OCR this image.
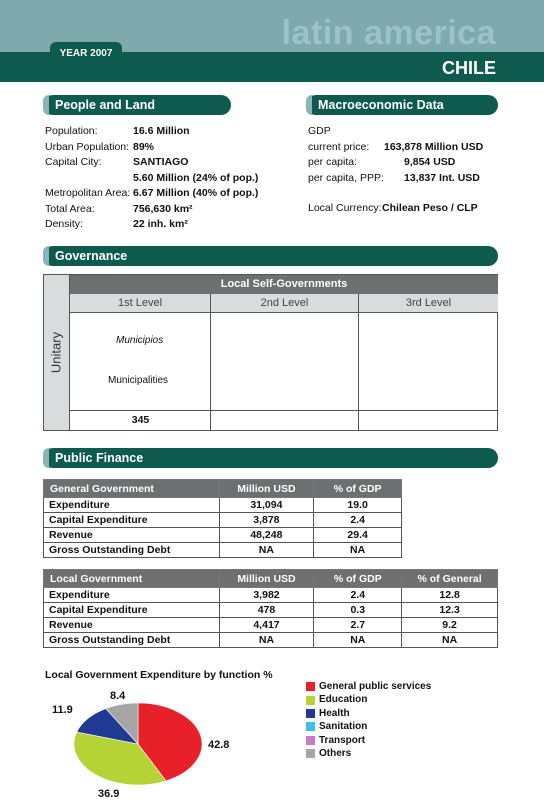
latin america
YEAR 2007
CHILE
People and Land
Population:	16.6 Million
Urban Population: 89%
Capital City:	SANTIAGO
5.60 Million (24% of pop.)
Metropolitan Area: 6.67 Million (40% of pop.)
Total Area:	756,630 km²
Density:	22 inh. km²
Macroeconomic Data
GDP
current price: 163,878 Million USD
per capita:	9,854 USD
per capita, PPP: 13,837 Int. USD
Local Currency:Chilean Peso / CLP
Governance
Unitary
Local Self-Governments
1st Level	2nd Level	3rd Level
Municipios
Municipalities
345
Public Finance
General Government	Million USD	% of GDP
Expenditure	31,094	19.0
Capital Expenditure	3,878	2.4
Revenue	48,248	29.4
Gross Outstanding Debt	NA	NA
Local Government	Million USD	% of GDP	% of General
Expenditure	3,982	2.4	12.8
Capital Expenditure	478	0.3	12.3
Revenue	4,417	2.7	9.2
Gross Outstanding Debt	NA	NA	NA
Local Government Expenditure by function %
42.8
36.9
11.9
8.4
General public services
Education
Health
Sanitation
Transport
Others
